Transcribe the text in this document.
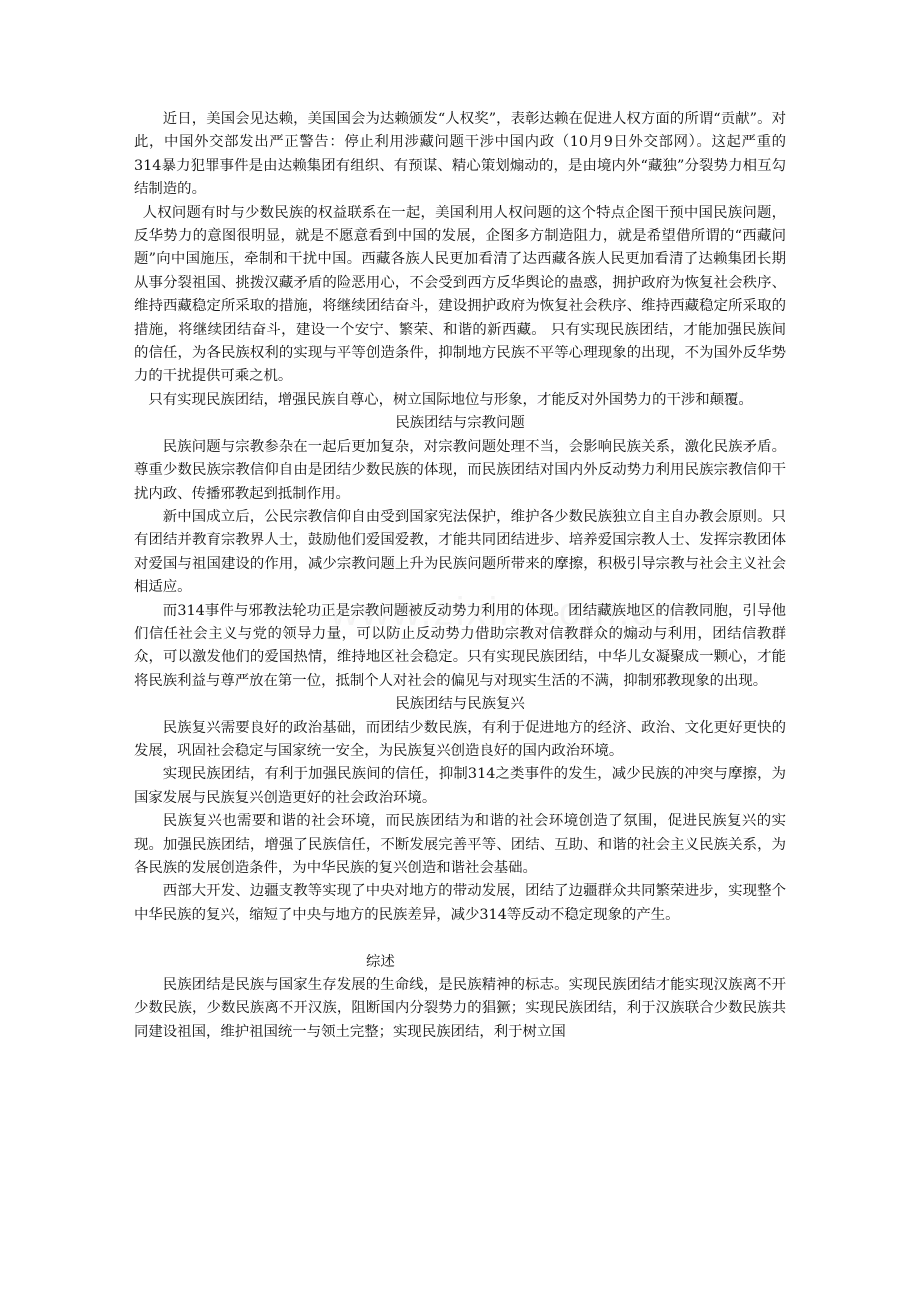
近日，美国会见达赖，美国国会为达赖颁发“人权奖”，表彰达赖在促进人权方面的所谓“贡献”。对此，中国外交部发出严正警告：停止利用涉藏问题干涉中国内政（10月9日外交部网）。这起严重的314暴力犯罪事件是由达赖集团有组织、有预谋、精心策划煽动的，是由境内外“藏独”分裂势力相互勾结制造的。

人权问题有时与少数民族的权益联系在一起，美国利用人权问题的这个特点企图干预中国民族问题，反华势力的意图很明显，就是不愿意看到中国的发展，企图多方制造阻力，就是希望借所谓的“西藏问题”向中国施压，牵制和干扰中国。西藏各族人民更加看清了达西藏各族人民更加看清了达赖集团长期从事分裂祖国、挑拨汉藏矛盾的险恶用心，不会受到西方反华舆论的蛊惑，拥护政府为恢复社会秩序、维持西藏稳定所采取的措施，将继续团结奋斗，建设拥护政府为恢复社会秩序、维持西藏稳定所采取的措施，将继续团结奋斗，建设一个安宁、繁荣、和谐的新西藏。 只有实现民族团结，才能加强民族间的信任，为各民族权利的实现与平等创造条件，抑制地方民族不平等心理现象的出现，不为国外反华势力的干扰提供可乘之机。

只有实现民族团结，增强民族自尊心，树立国际地位与形象，才能反对外国势力的干涉和颠覆。

民族团结与宗教问题

民族问题与宗教参杂在一起后更加复杂，对宗教问题处理不当，会影响民族关系，激化民族矛盾。尊重少数民族宗教信仰自由是团结少数民族的体现，而民族团结对国内外反动势力利用民族宗教信仰干扰内政、传播邪教起到抵制作用。

新中国成立后，公民宗教信仰自由受到国家宪法保护，维护各少数民族独立自主自办教会原则。只有团结并教育宗教界人士，鼓励他们爱国爱教，才能共同团结进步、培养爱国宗教人士、发挥宗教团体对爱国与祖国建设的作用，减少宗教问题上升为民族问题所带来的摩擦，积极引导宗教与社会主义社会相适应。

而314事件与邪教法轮功正是宗教问题被反动势力利用的体现。团结藏族地区的信教同胞，引导他们信任社会主义与党的领导力量，可以防止反动势力借助宗教对信教群众的煽动与利用，团结信教群众，可以激发他们的爱国热情，维持地区社会稳定。只有实现民族团结，中华儿女凝聚成一颗心，才能将民族利益与尊严放在第一位，抵制个人对社会的偏见与对现实生活的不满，抑制邪教现象的出现。

民族团结与民族复兴

民族复兴需要良好的政治基础，而团结少数民族，有利于促进地方的经济、政治、文化更好更快的发展，巩固社会稳定与国家统一安全，为民族复兴创造良好的国内政治环境。

实现民族团结，有利于加强民族间的信任，抑制314之类事件的发生，减少民族的冲突与摩擦，为国家发展与民族复兴创造更好的社会政治环境。

民族复兴也需要和谐的社会环境，而民族团结为和谐的社会环境创造了氛围，促进民族复兴的实现。加强民族团结，增强了民族信任，不断发展完善平等、团结、互助、和谐的社会主义民族关系，为各民族的发展创造条件，为中华民族的复兴创造和谐社会基础。

西部大开发、边疆支教等实现了中央对地方的带动发展，团结了边疆群众共同繁荣进步，实现整个中华民族的复兴，缩短了中央与地方的民族差异，减少314等反动不稳定现象的产生。

综述

民族团结是民族与国家生存发展的生命线，是民族精神的标志。实现民族团结才能实现汉族离不开少数民族，少数民族离不开汉族，阻断国内分裂势力的猖獗；实现民族团结，利于汉族联合少数民族共同建设祖国，维护祖国统一与领土完整；实现民族团结，利于树立国
